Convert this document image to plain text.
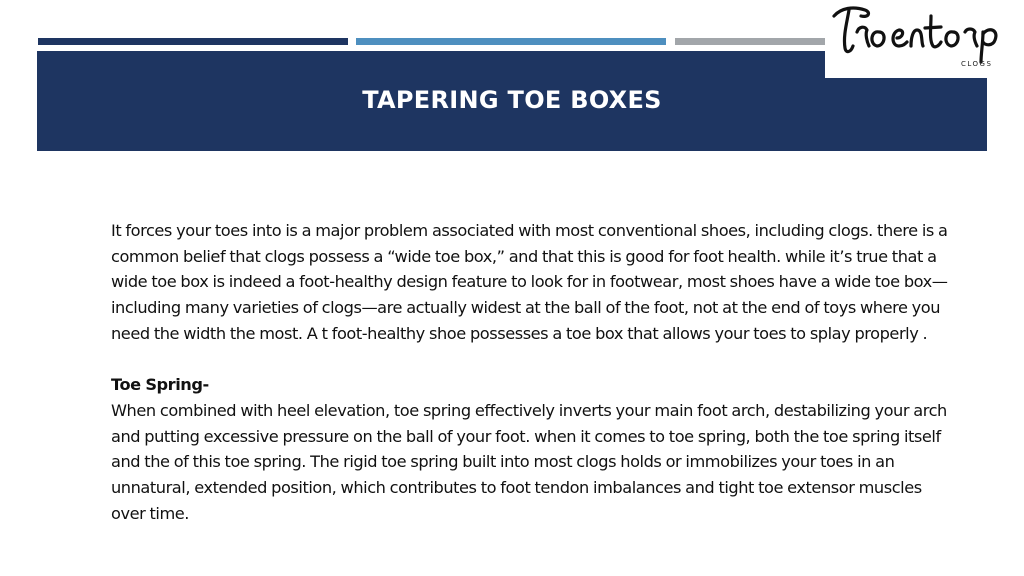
TAPERING TOE BOXES
CLOGS

It forces your toes into is a major problem associated with most conventional shoes, including clogs. there is a common belief that clogs possess a “wide toe box,” and that this is good for foot health. while it’s true that a wide toe box is indeed a foot-healthy design feature to look for in footwear, most shoes have a wide toe box—including many varieties of clogs—are actually widest at the ball of the foot, not at the end of toys where you need the width the most. A t foot-healthy shoe possesses a toe box that allows your toes to splay properly .

Toe Spring-

When combined with heel elevation, toe spring effectively inverts your main foot arch, destabilizing your arch and putting excessive pressure on the ball of your foot. when it comes to toe spring, both the toe spring itself and the of this toe spring. The rigid toe spring built into most clogs holds or immobilizes your toes in an unnatural, extended position, which contributes to foot tendon imbalances and tight toe extensor muscles over time.
